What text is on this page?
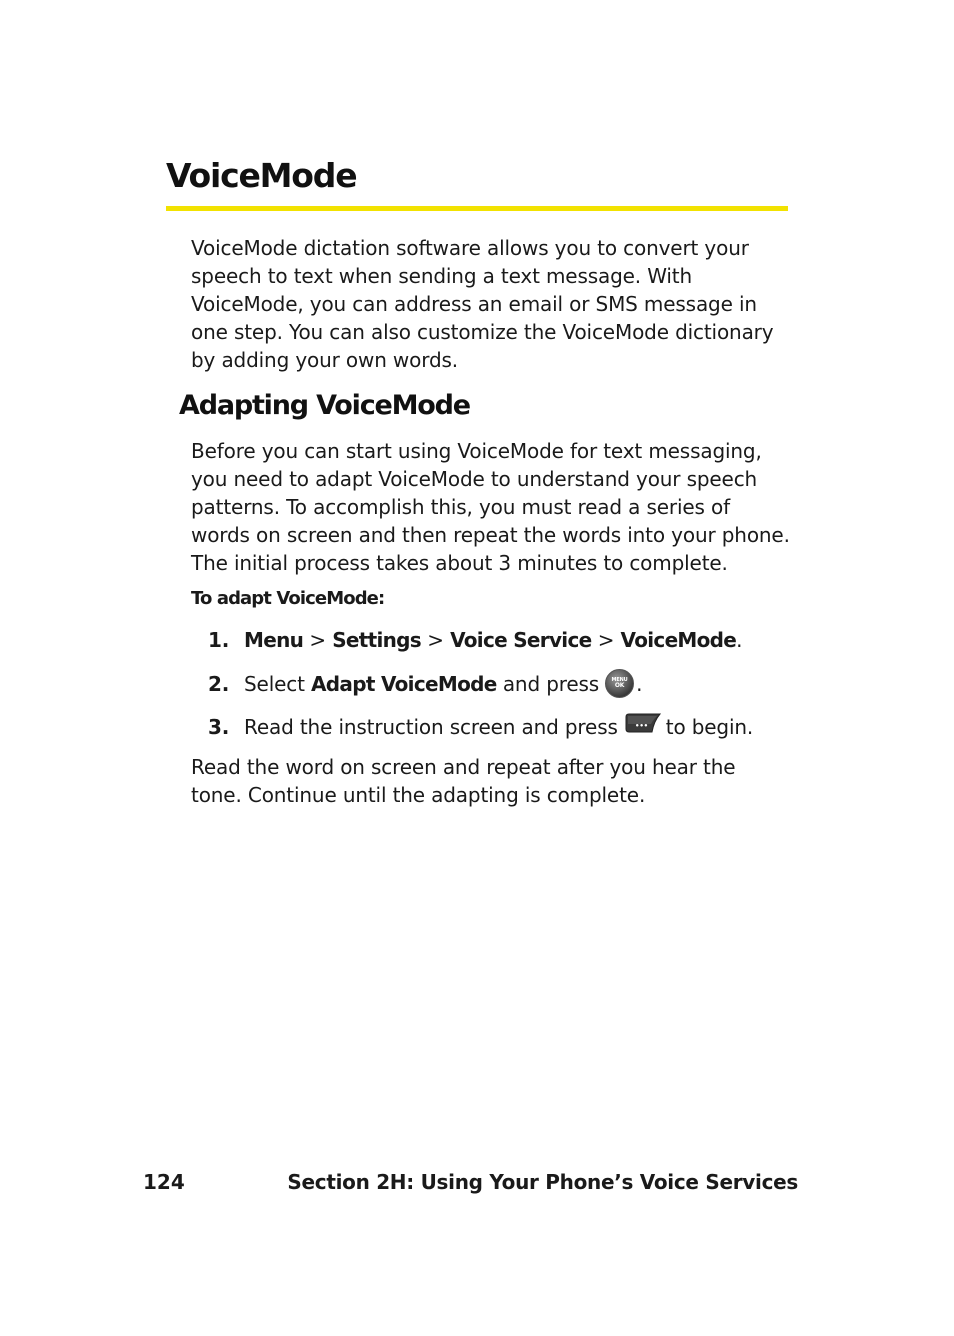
VoiceMode

VoiceMode dictation software allows you to convert your speech to text when sending a text message. With VoiceMode, you can address an email or SMS message in one step. You can also customize the VoiceMode dictionary by adding your own words.

Adapting VoiceMode

Before you can start using VoiceMode for text messaging, you need to adapt VoiceMode to understand your speech patterns. To accomplish this, you must read a series of words on screen and then repeat the words into your phone. The initial process takes about 3 minutes to complete.

To adapt VoiceMode:

1. Menu > Settings > Voice Service > VoiceMode.

2. Select Adapt VoiceMode and press	MENU
OK .

3. Read the instruction screen and press ••• to begin.

Read the word on screen and repeat after you hear the tone. Continue until the adapting is complete.

124	Section 2H: Using Your Phone’s Voice Services
